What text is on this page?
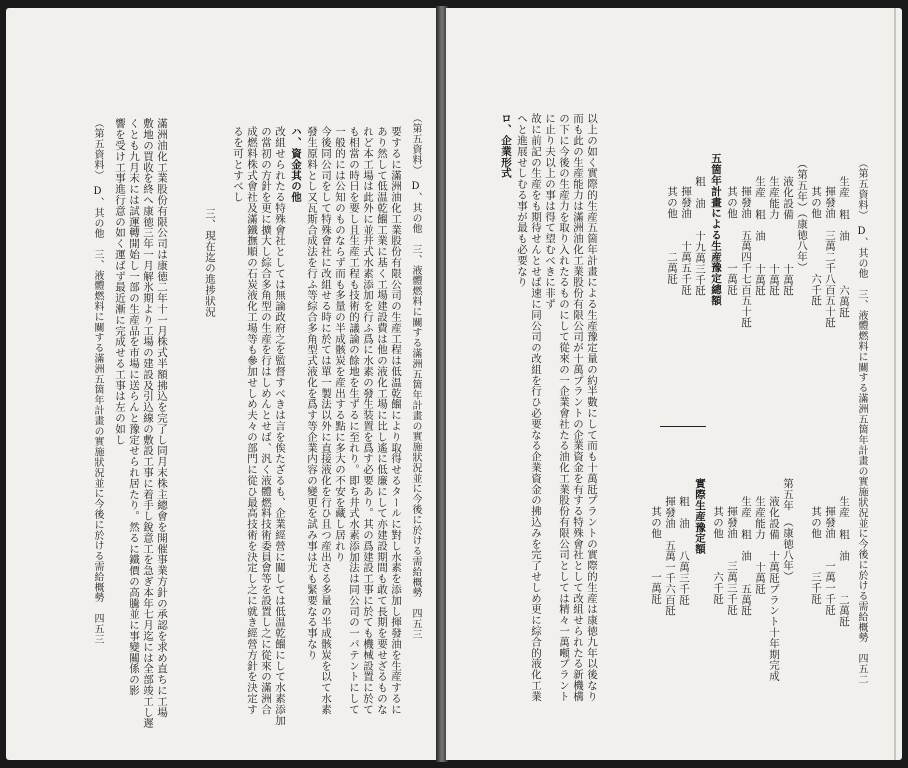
（第五資料）　D、其の他　三、液體燃料に關する滿洲五箇年計畫の實施狀況並に今後に於ける需給概勢　四五三
要するに滿洲油化工業股份有限公司の生産工程は低温乾餾により取得せるタールに對し水素を添加し揮發油を生産するに
あり然して低温乾餾工業に基く工場建設費は他の液化工場に比し遙に低廉にして亦建設期間も敢て長期を要せざるものな
れど本工場は此外に並井式水素添加を行ふ爲に水素の發生装置を爲す必要あり。其の爲建設工事に於ても機械設置に於て
も相當の時日を要し且生産工程も技術的議論の餘地を生ずるに至れり。即ち井式水素添加法は同公司の一パテントにして
一般的には公知のものならず而も多量の半成骸炭を産出する點に多大の不安を藏し居れり
今後同公司をして特殊會社に改組せる時に於ては單一製法以外に直接液化を行ひ且つ産出さる多量の半成骸炭を以て水素
發生原料とし又瓦斯合成法を行ふ等綜合多角型式液化を爲す等企業内容の變更を試み事は尤も緊要なる事なり
ハ、資金其の他
改組せられたる特殊會社としては無論政府之を監督すべきは言を俟たざるも、企業經營に關しては低温乾餾にして水素添加
の當初の方針を更に擴大し綜合多角型の生産を行はしめんとせば、汎く液體燃料技術委員會等を設置し之に從來の滿洲合
成燃料株式會社及滿鐵撫順の石炭液化工場等も參加せしめ夫々の部門に從ひ最高技術を決定し之に就き經營方針を決定す
るを可とすべし
三、現在迄の進捗狀況
滿洲油化工業股份有限公司は康徳二年十一月株式半額拂込を完了し同月末株主總會を開催事業方針の承認を求め直ちに工場
敷地の買收を終へ康徳三年一月解氷期より工場の建設及引込線の敷設工事に着手し銳意工を急ぎ本年七月迄には全部竣工し遲
くとも九月末には試運轉開始し一部の生産品を市場に送らんと豫定せられ居たり。然るに鐵價の高騰並に事變關係の影
響を受け工事進行意の如く運ばず最近漸に完成せる工事は左の如し
（第五資料）　D、其の他　三、液體燃料に關する滿洲五箇年計畫の實施狀況並に今後に於ける需給概勢　四五三	（第五資料）　D、其の他　三、液體燃料に關する滿洲五箇年計畫の實施狀況並に今後に於ける需給概勢　四五二
生産　粗　油　　　　六萬瓩
揮發油　三萬二千八百五十瓩
其の他　　　　　六千瓩
（第五年）（康徳八年）
液化設備　　　　十萬瓩
生産能力　　　　十萬瓩
生産　粗　油　　十萬瓩
揮發油　五萬四千七百五十瓩
其の他　　　　一萬瓩
五箇年計畫による生産豫定總額
粗　油　　十九萬三千瓩
揮發油　　十萬五千瓩
其の他　　　二萬瓩
生産　粗　油　　　二萬瓩
揮發油　　一萬一千瓩
其の他　　　三千瓩
第五年　（康徳八年）
液化設備　十萬瓩プラント十年期完成
生産能力　　十萬瓩
生産　粗　油　　五萬瓩
揮發油　　三萬三千瓩
其の他　　　六千瓩
實際生産豫定額
粗　油　　八萬三千瓩
揮發油　五萬一千六百瓩
其の他　　　一萬瓩
以上の如く實際的生産五箇年計畫による生産豫定量の約半數にして而も十萬瓩プラントの實際的生産は康徳九年以後なり
而も此の生産能力は滿洲油化工業股份有限公司が十萬プラントの企業資金を有する特殊會社として改組せられたる新機構
の下に今後の生産力を取り入れたるものにして從來の一企業會社たる油化工業股份有限公司としては精々一萬噸プラント
に止り夫以上の事は得て望むべきに非ず
故に前記の生産をも期待せんとせば速に同公司の改組を行ひ必要なる企業資金の拂込みを完了せしめ更に綜合的液化工業
へと進展せしむる事が最も必要なり
ロ、企業形式
